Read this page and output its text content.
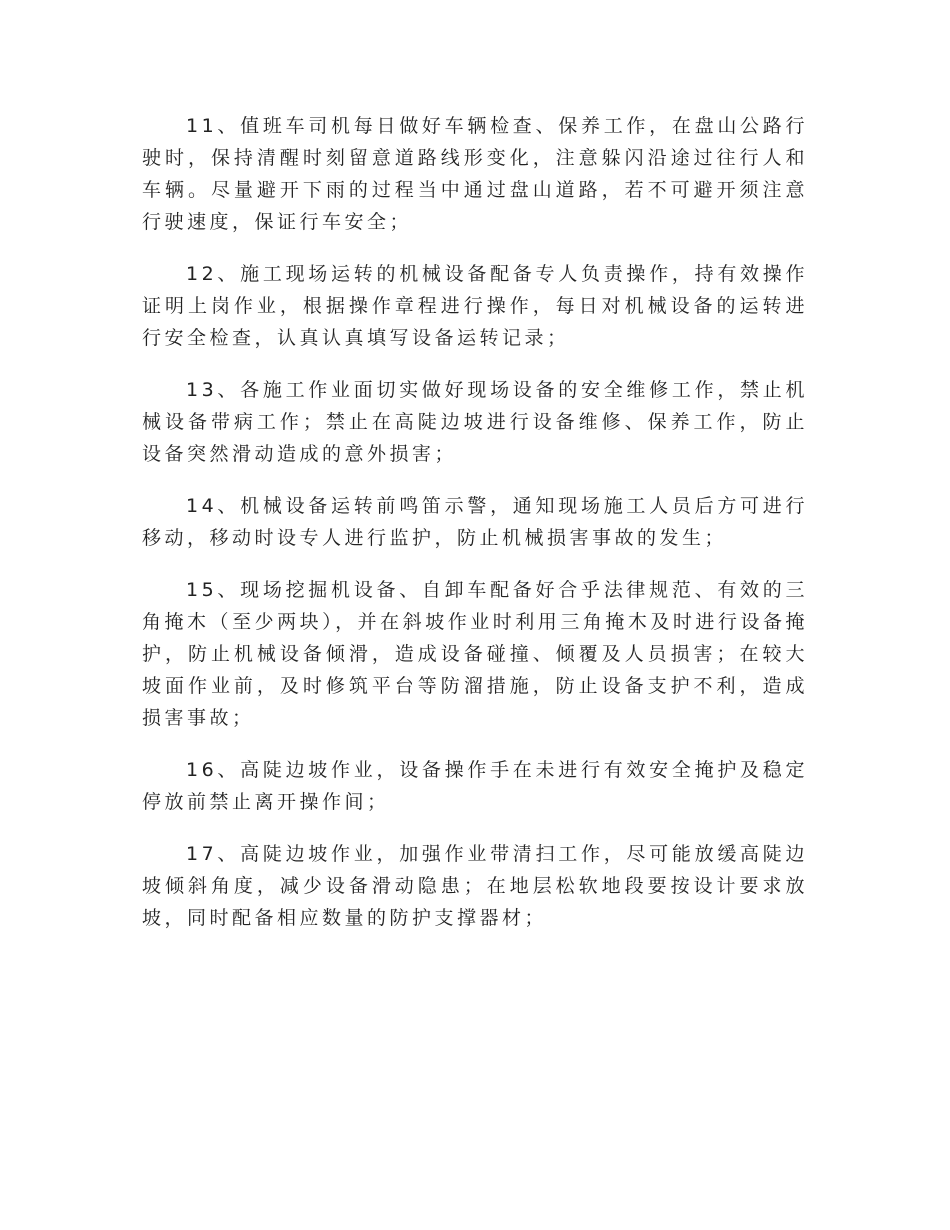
11、值班车司机每日做好车辆检查、保养工作，在盘山公路行驶时，保持清醒时刻留意道路线形变化，注意躲闪沿途过往行人和车辆。尽量避开下雨的过程当中通过盘山道路，若不可避开须注意行驶速度，保证行车安全；

12、施工现场运转的机械设备配备专人负责操作，持有效操作证明上岗作业，根据操作章程进行操作，每日对机械设备的运转进行安全检查，认真认真填写设备运转记录；

13、各施工作业面切实做好现场设备的安全维修工作，禁止机械设备带病工作；禁止在高陡边坡进行设备维修、保养工作，防止设备突然滑动造成的意外损害；

14、机械设备运转前鸣笛示警，通知现场施工人员后方可进行移动，移动时设专人进行监护，防止机械损害事故的发生；

15、现场挖掘机设备、自卸车配备好合乎法律规范、有效的三角掩木（至少两块），并在斜坡作业时利用三角掩木及时进行设备掩护，防止机械设备倾滑，造成设备碰撞、倾覆及人员损害；在较大坡面作业前，及时修筑平台等防溜措施，防止设备支护不利，造成损害事故；

16、高陡边坡作业，设备操作手在未进行有效安全掩护及稳定停放前禁止离开操作间；

17、高陡边坡作业，加强作业带清扫工作，尽可能放缓高陡边坡倾斜角度，减少设备滑动隐患；在地层松软地段要按设计要求放坡，同时配备相应数量的防护支撑器材；
